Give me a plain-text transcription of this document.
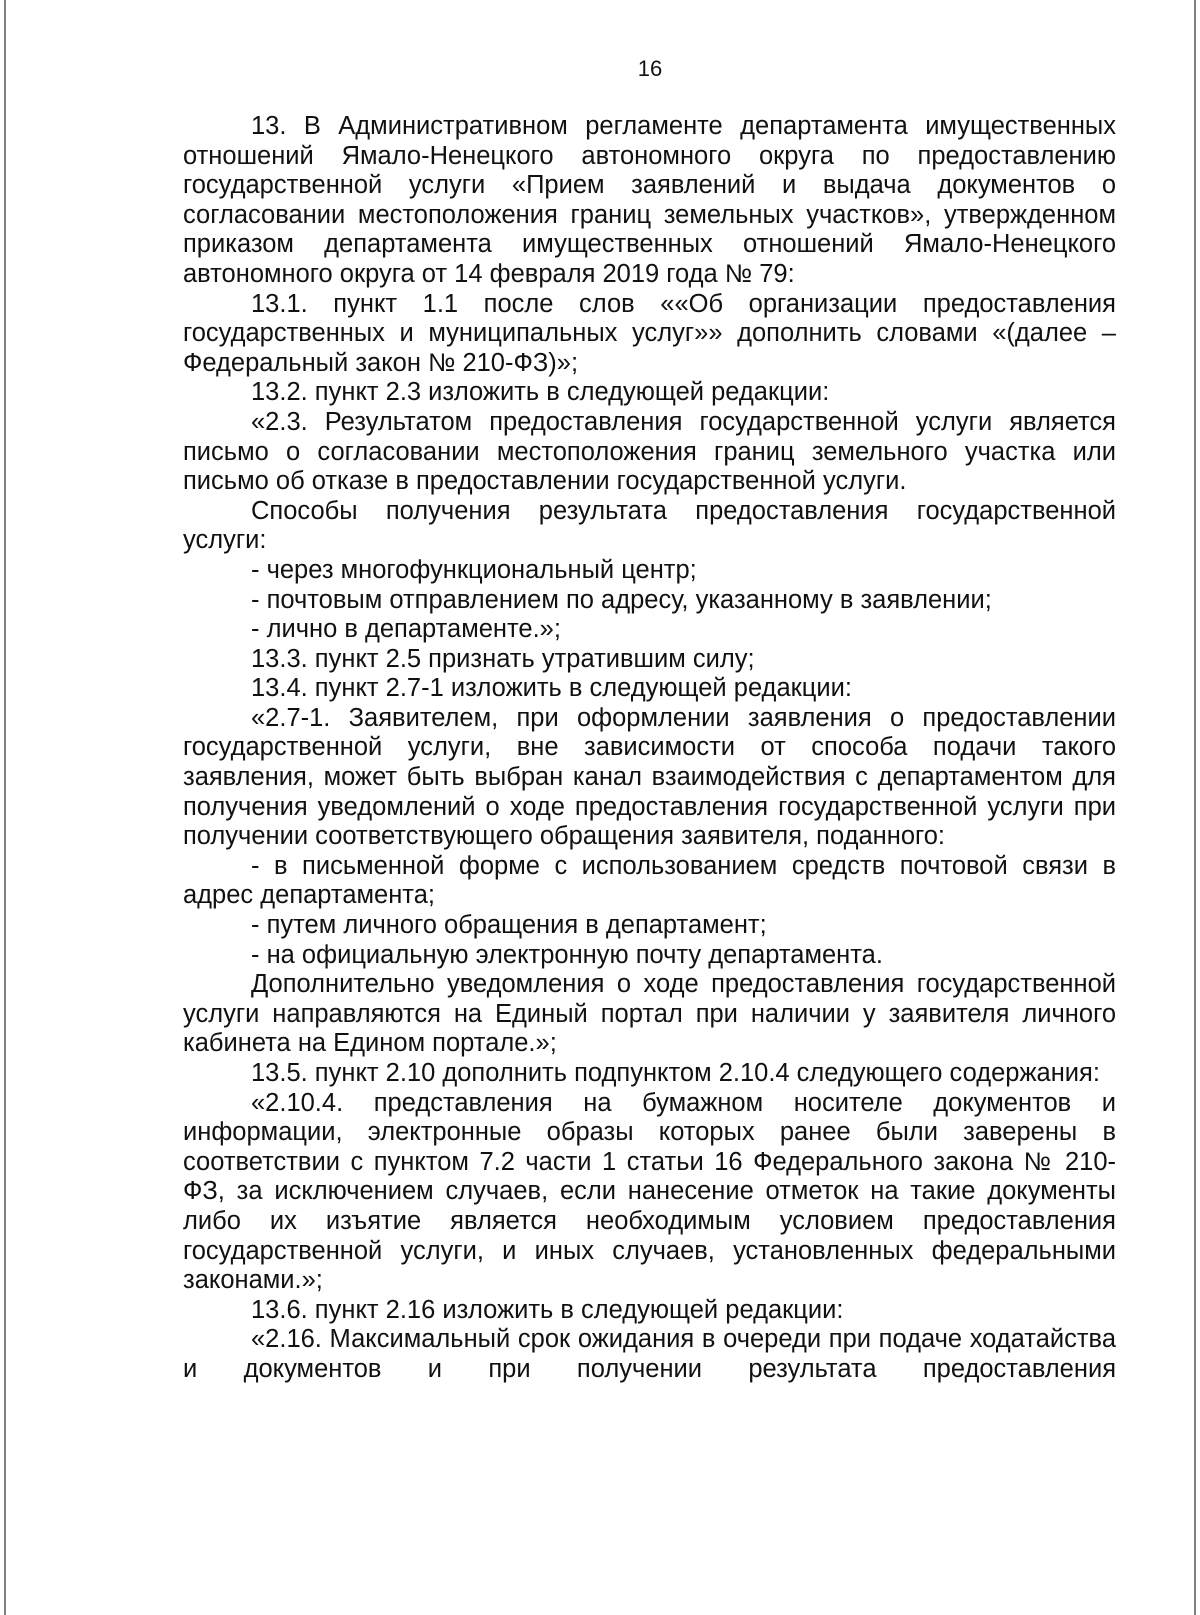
16

13. В Административном регламенте департамента имущественных отношений Ямало-Ненецкого автономного округа по предоставлению государственной услуги «Прием заявлений и выдача документов о согласовании местоположения границ земельных участков», утвержденном приказом департамента имущественных отношений Ямало-Ненецкого автономного округа от 14 февраля 2019 года № 79:

13.1. пункт 1.1 после слов ««Об организации предоставления государственных и муниципальных услуг»» дополнить словами «(далее – Федеральный закон № 210-ФЗ)»;

13.2. пункт 2.3 изложить в следующей редакции:

«2.3. Результатом предоставления государственной услуги является письмо о согласовании местоположения границ земельного участка или письмо об отказе в предоставлении государственной услуги.

Способы получения результата предоставления государственной услуги:

- через многофункциональный центр;

- почтовым отправлением по адресу, указанному в заявлении;

- лично в департаменте.»;

13.3. пункт 2.5 признать утратившим силу;

13.4. пункт 2.7-1 изложить в следующей редакции:

«2.7-1. Заявителем, при оформлении заявления о предоставлении государственной услуги, вне зависимости от способа подачи такого заявления, может быть выбран канал взаимодействия с департаментом для получения уведомлений о ходе предоставления государственной услуги при получении соответствующего обращения заявителя, поданного:

- в письменной форме с использованием средств почтовой связи в адрес департамента;

- путем личного обращения в департамент;

- на официальную электронную почту департамента.

Дополнительно уведомления о ходе предоставления государственной услуги направляются на Единый портал при наличии у заявителя личного кабинета на Едином портале.»;

13.5. пункт 2.10 дополнить подпунктом 2.10.4 следующего содержания:

«2.10.4. представления на бумажном носителе документов и информации, электронные образы которых ранее были заверены в соответствии с пунктом 7.2 части 1 статьи 16 Федерального закона № 210-ФЗ, за исключением случаев, если нанесение отметок на такие документы либо их изъятие является необходимым условием предоставления государственной услуги, и иных случаев, установленных федеральными законами.»;

13.6. пункт 2.16 изложить в следующей редакции:

«2.16. Максимальный срок ожидания в очереди при подаче ходатайства и документов и при получении результата предоставления
